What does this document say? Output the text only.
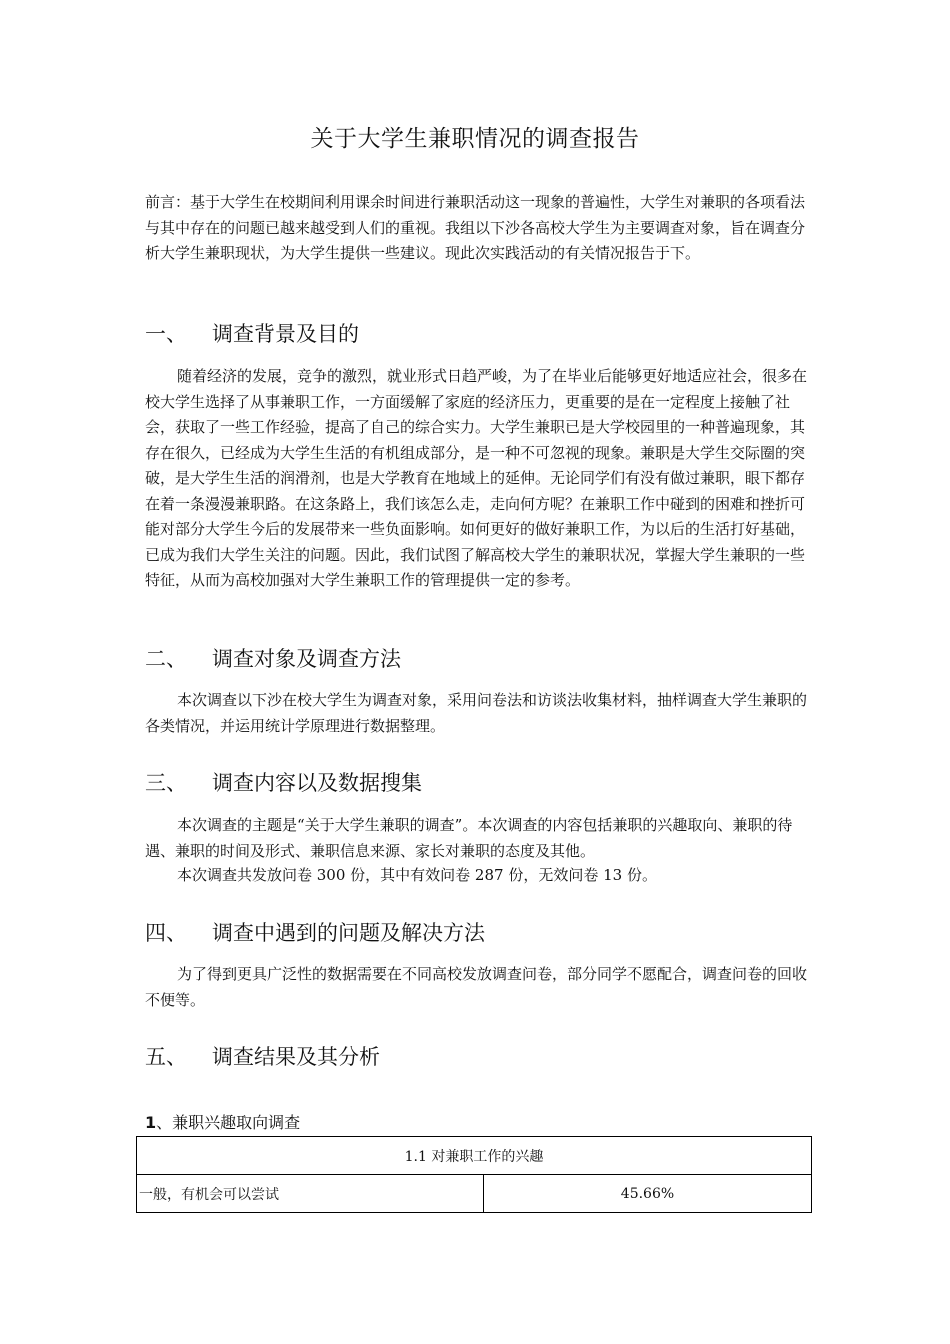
关于大学生兼职情况的调查报告
前言：基于大学生在校期间利用课余时间进行兼职活动这一现象的普遍性，大学生对兼职的各项看法与其中存在的问题已越来越受到人们的重视。我组以下沙各高校大学生为主要调查对象，旨在调查分析大学生兼职现状，为大学生提供一些建议。现此次实践活动的有关情况报告于下。
一、 调查背景及目的
随着经济的发展，竞争的激烈，就业形式日趋严峻，为了在毕业后能够更好地适应社会，很多在校大学生选择了从事兼职工作，一方面缓解了家庭的经济压力，更重要的是在一定程度上接触了社会，获取了一些工作经验，提高了自己的综合实力。大学生兼职已是大学校园里的一种普遍现象，其存在很久，已经成为大学生生活的有机组成部分，是一种不可忽视的现象。兼职是大学生交际圈的突破，是大学生生活的润滑剂，也是大学教育在地域上的延伸。无论同学们有没有做过兼职，眼下都存在着一条漫漫兼职路。在这条路上，我们该怎么走，走向何方呢？在兼职工作中碰到的困难和挫折可能对部分大学生今后的发展带来一些负面影响。如何更好的做好兼职工作，为以后的生活打好基础，已成为我们大学生关注的问题。因此，我们试图了解高校大学生的兼职状况，掌握大学生兼职的一些特征，从而为高校加强对大学生兼职工作的管理提供一定的参考。
二、 调查对象及调查方法
本次调查以下沙在校大学生为调查对象，采用问卷法和访谈法收集材料，抽样调查大学生兼职的各类情况，并运用统计学原理进行数据整理。
三、 调查内容以及数据搜集
本次调查的主题是“关于大学生兼职的调查”。本次调查的内容包括兼职的兴趣取向、兼职的待遇、兼职的时间及形式、兼职信息来源、家长对兼职的态度及其他。
本次调查共发放问卷 300 份，其中有效问卷 287 份，无效问卷 13 份。
四、 调查中遇到的问题及解决方法
为了得到更具广泛性的数据需要在不同高校发放调查问卷，部分同学不愿配合，调查问卷的回收不便等。
五、 调查结果及其分析
1、兼职兴趣取向调查
1.1 对兼职工作的兴趣
一般，有机会可以尝试	45.66%
